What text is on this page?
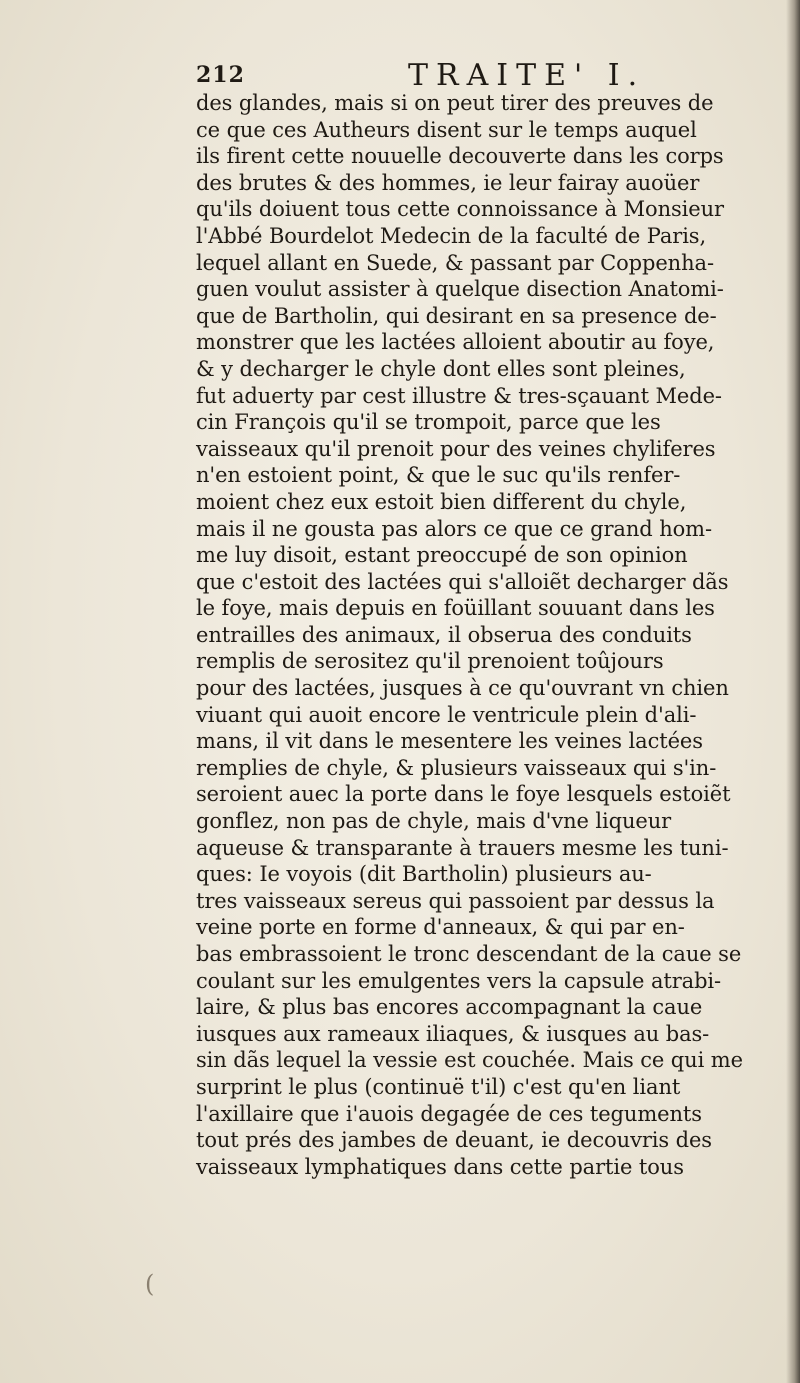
212	TRAITE' I.
des glandes, mais si on peut tirer des preuves de
ce que ces Autheurs disent sur le temps auquel
ils firent cette nouuelle decouverte dans les corps
des brutes & des hommes, ie leur fairay auoüer
qu'ils doiuent tous cette connoissance à Monsieur
l'Abbé Bourdelot Medecin de la faculté de Paris,
lequel allant en Suede, & passant par Coppenha-
guen voulut assister à quelque disection Anatomi-
que de Bartholin, qui desirant en sa presence de-
monstrer que les lactées alloient aboutir au foye,
& y decharger le chyle dont elles sont pleines,
fut aduerty par cest illustre & tres-sçauant Mede-
cin François qu'il se trompoit, parce que les
vaisseaux qu'il prenoit pour des veines chyliferes
n'en estoient point, & que le suc qu'ils renfer-
moient chez eux estoit bien different du chyle,
mais il ne gousta pas alors ce que ce grand hom-
me luy disoit, estant preoccupé de son opinion
que c'estoit des lactées qui s'alloiẽt decharger dãs
le foye, mais depuis en foüillant souuant dans les
entrailles des animaux, il obserua des conduits
remplis de serositez qu'il prenoient toûjours
pour des lactées, jusques à ce qu'ouvrant vn chien
viuant qui auoit encore le ventricule plein d'ali-
mans, il vit dans le mesentere les veines lactées
remplies de chyle, & plusieurs vaisseaux qui s'in-
seroient auec la porte dans le foye lesquels estoiẽt
gonflez, non pas de chyle, mais d'vne liqueur
aqueuse & transparante à trauers mesme les tuni-
ques: Ie voyois (dit Bartholin) plusieurs au-
tres vaisseaux sereus qui passoient par dessus la
veine porte en forme d'anneaux, & qui par en-
bas embrassoient le tronc descendant de la caue se
coulant sur les emulgentes vers la capsule atrabi-
laire, & plus bas encores accompagnant la caue
iusques aux rameaux iliaques, & iusques au bas-
sin dãs lequel la vessie est couchée. Mais ce qui me
surprint le plus (continuë t'il) c'est qu'en liant
l'axillaire que i'auois degagée de ces teguments
tout prés des jambes de deuant, ie decouvris des
vaisseaux lymphatiques dans cette partie tous
(
